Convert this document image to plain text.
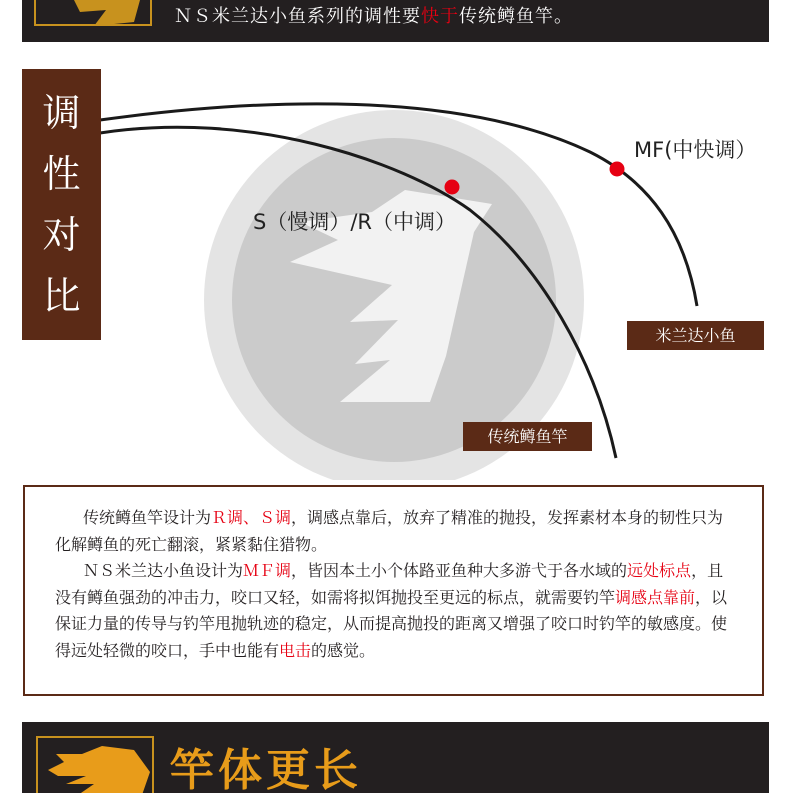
ＮＳ米兰达小鱼系列的调性要快于传统鳟鱼竿。
调
性
对
比
MF(中快调）
S（慢调）/R（中调）
米兰达小鱼
传统鳟鱼竿

传统鳟鱼竿设计为Ｒ调、Ｓ调，调感点靠后，放弃了精准的抛投，发挥素材本身的韧性只为化解鳟鱼的死亡翻滚，紧紧黏住猎物。

ＮＳ米兰达小鱼设计为ＭＦ调，皆因本土小个体路亚鱼种大多游弋于各水域的远处标点，且没有鳟鱼强劲的冲击力，咬口又轻，如需将拟饵抛投至更远的标点，就需要钓竿调感点靠前，以保证力量的传导与钓竿甩抛轨迹的稳定，从而提高抛投的距离又增强了咬口时钓竿的敏感度。使得远处轻微的咬口，手中也能有电击的感觉。

竿体更长
